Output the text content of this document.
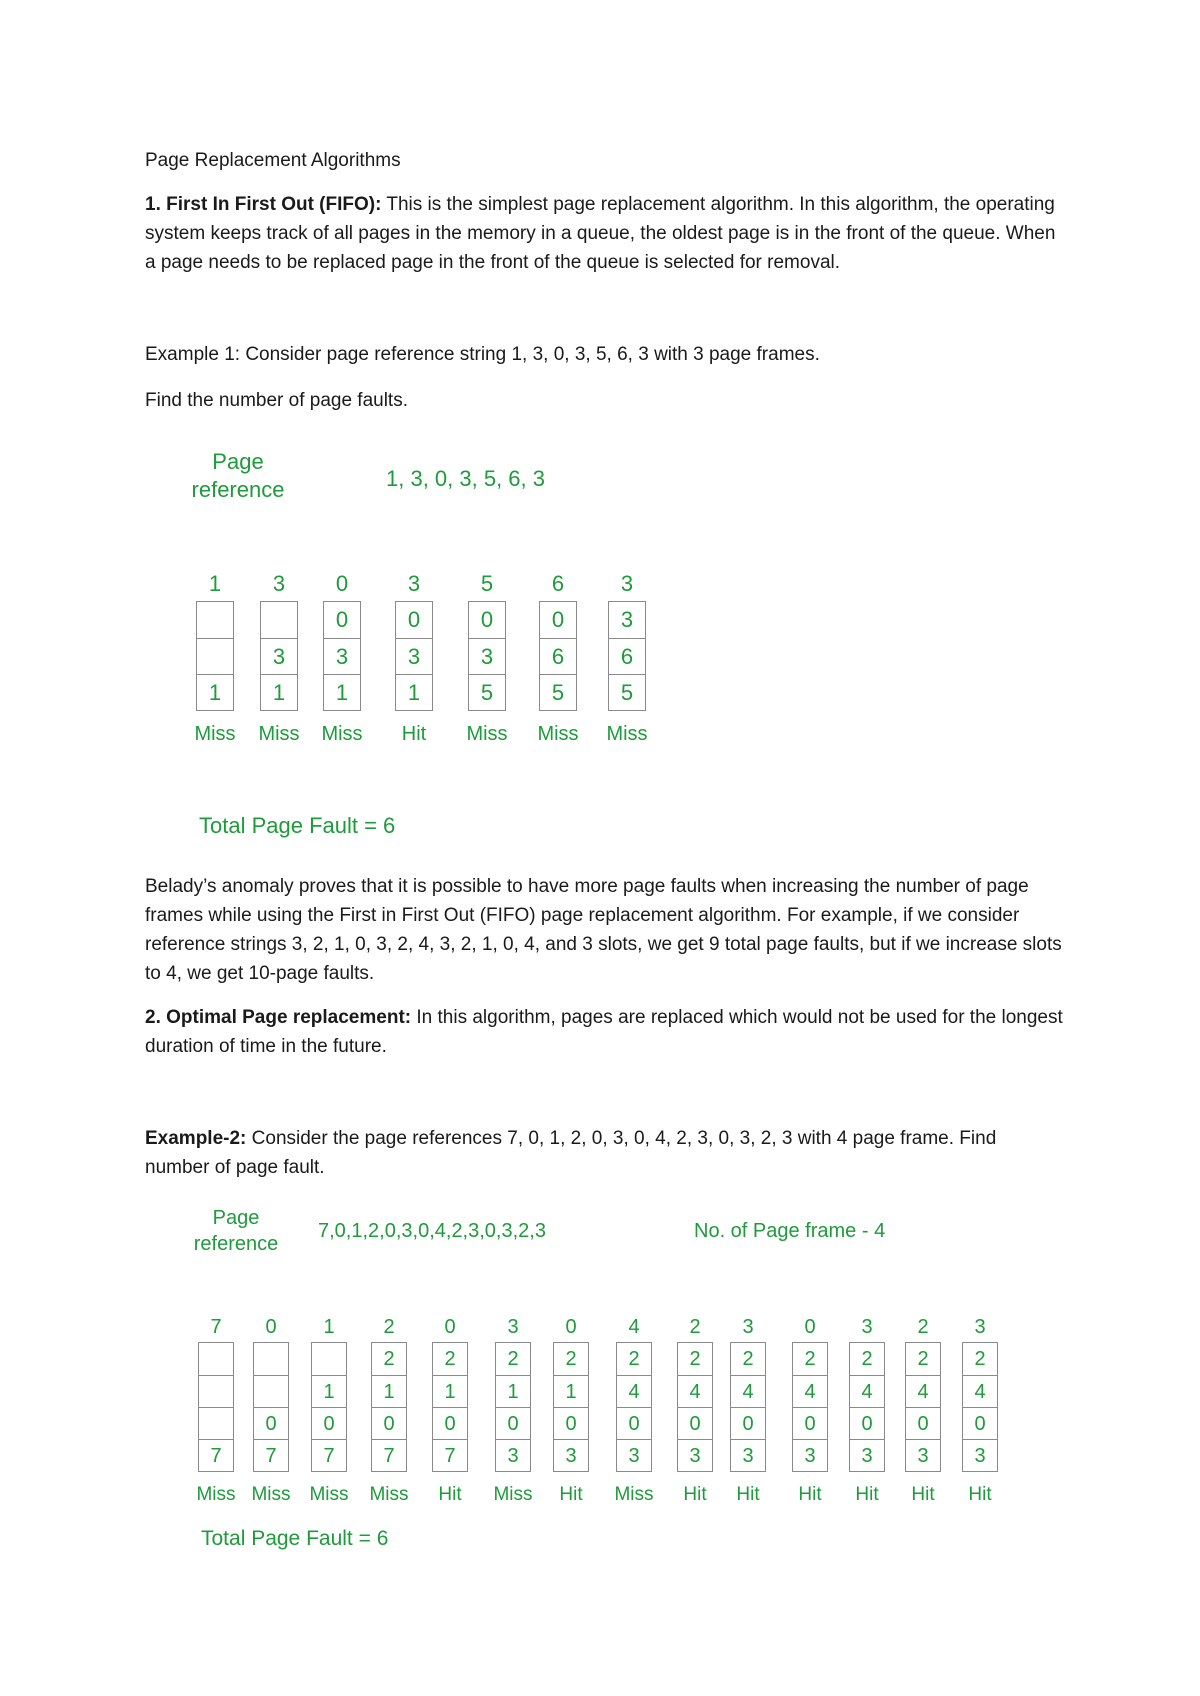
Page Replacement Algorithms

1. First In First Out (FIFO): This is the simplest page replacement algorithm. In this algorithm, the operating system keeps track of all pages in the memory in a queue, the oldest page is in the front of the queue. When a page needs to be replaced page in the front of the queue is selected for removal.

Example 1: Consider page reference string 1, 3, 0, 3, 5, 6, 3 with 3 page frames.

Find the number of page faults.

Page
reference	1, 3, 0, 3, 5, 6, 3
1
1
Miss
3
3
1
Miss
0
0
3
1
Miss
3
0
3
1
Hit
5
0
3
5
Miss
6
0
6
5
Miss
3
3
6
5
Miss
Total Page Fault = 6

Belady’s anomaly proves that it is possible to have more page faults when increasing the number of page frames while using the First in First Out (FIFO) page replacement algorithm. For example, if we consider reference strings 3, 2, 1, 0, 3, 2, 4, 3, 2, 1, 0, 4, and 3 slots, we get 9 total page faults, but if we increase slots to 4, we get 10-page faults.

2. Optimal Page replacement: In this algorithm, pages are replaced which would not be used for the longest duration of time in the future.

Example-2: Consider the page references 7, 0, 1, 2, 0, 3, 0, 4, 2, 3, 0, 3, 2, 3 with 4 page frame. Find number of page fault.

Page
reference
7,0,1,2,0,3,0,4,2,3,0,3,2,3	No. of Page frame - 4
7
7
Miss
0
0
7
Miss
1
1
0
7
Miss
2
2
1
0
7
Miss
0
2
1
0
7
Hit
3
2
1
0
3
Miss
0
2
1
0
3
Hit
4
2
4
0
3
Miss
2
2
4
0
3
Hit
3
2
4
0
3
Hit
0
2
4
0
3
Hit
3
2
4
0
3
Hit
2
2
4
0
3
Hit
3
2
4
0
3
Hit
Total Page Fault = 6
